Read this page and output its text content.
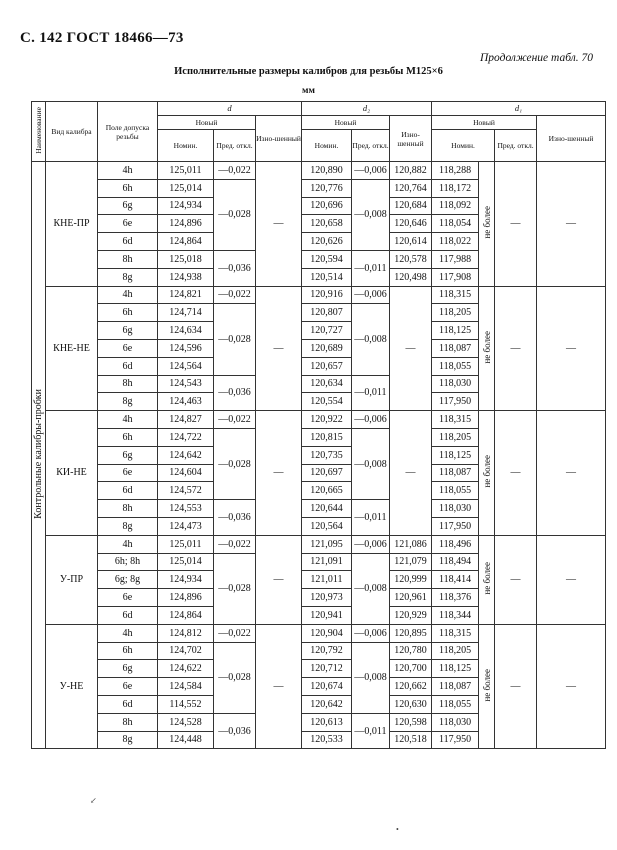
С. 142 ГОСТ 18466—73
Продолжение табл. 70
Исполнительные размеры калибров для резьбы М125×6
мм
Наименование	Вид калибра	Поле допуска резьбы	d			d₂			d₁			
			Новый		Изно-шенный	Новый		Изно-шенный	Новый			Изно-шенный
			Номин.	Пред. откл.		Номин.	Пред. откл.		Номин.		Пред. откл.	
Контрольные калибры-пробки	КНЕ-ПР	4h	125,011	—0,022	—	120,890	—0,006	120,882	118,288	не более	—	—
		6h	125,014	—0,028		120,776	—0,008	120,764	118,172			
		6g	124,934			120,696		120,684	118,092			
		6e	124,896			120,658		120,646	118,054			
		6d	124,864			120,626		120,614	118,022			
		8h	125,018	—0,036		120,594	—0,011	120,578	117,988			
		8g	124,938			120,514		120,498	117,908			
	КНЕ-НЕ	4h	124,821	—0,022	—	120,916	—0,006	—	118,315	не более	—	—
		6h	124,714	—0,028		120,807	—0,008		118,205			
		6g	124,634			120,727			118,125			
		6e	124,596			120,689			118,087			
		6d	124,564			120,657			118,055			
		8h	124,543	—0,036		120,634	—0,011		118,030			
		8g	124,463			120,554			117,950			
	КИ-НЕ	4h	124,827	—0,022	—	120,922	—0,006	—	118,315	не более	—	—
		6h	124,722	—0,028		120,815	—0,008		118,205			
		6g	124,642			120,735			118,125			
		6e	124,604			120,697			118,087			
		6d	124,572			120,665			118,055			
		8h	124,553	—0,036		120,644	—0,011		118,030			
		8g	124,473			120,564			117,950			
	У-ПР	4h	125,011	—0,022	—	121,095	—0,006	121,086	118,496	не более	—	—
		6h; 8h	125,014	—0,028		121,091	—0,008	121,079	118,494			
		6g; 8g	124,934			121,011		120,999	118,414			
		6e	124,896			120,973		120,961	118,376			
		6d	124,864			120,941		120,929	118,344			
	У-НЕ	4h	124,812	—0,022	—	120,904	—0,006	120,895	118,315	не более	—	—
		6h	124,702	—0,028		120,792	—0,008	120,780	118,205			
		6g	124,622			120,712		120,700	118,125			
		6e	124,584			120,674		120,662	118,087			
		6d	114,552			120,642		120,630	118,055			
		8h	124,528	—0,036		120,613	—0,011	120,598	118,030			
		8g	124,448			120,533		120,518	117,950			
↙
•
